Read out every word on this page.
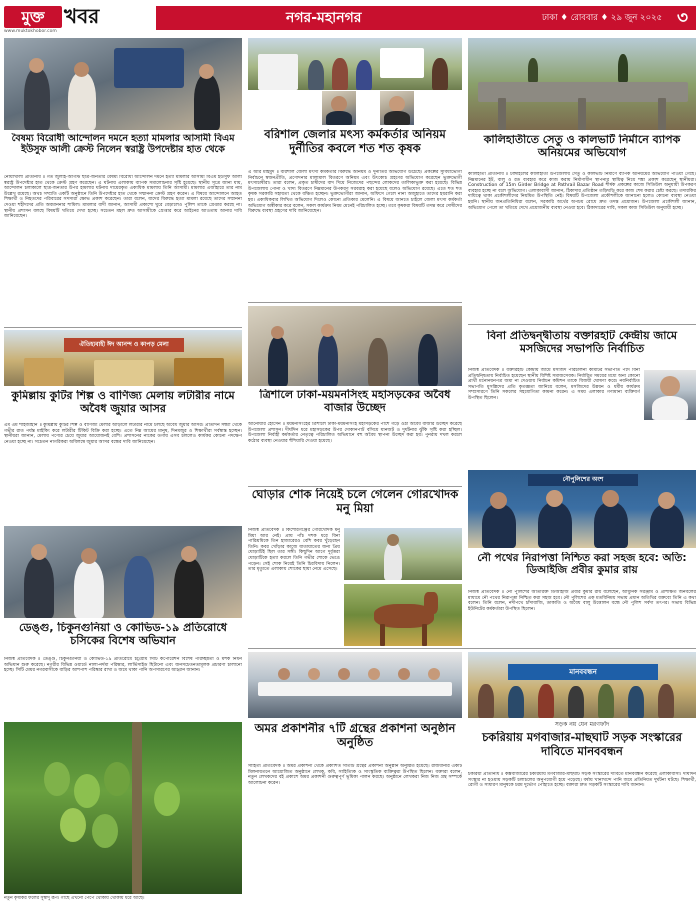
মুক্ত খবর
www.muktokhobor.com
নগর-মহানগর	ঢাকা ♦ রোববার ♦ ২৯ জুন ২০২৫ ৩
বৈষম্য বিরোধী আন্দোলন দমনে হত্যা মামলার আসামী বিএম ইউসুফ আলী ক্রেস্ট নিলেন স্বরাষ্ট্র উপদেষ্টার হাত থেকে
নোয়াখালী প্রতিনিধি ॥ গত জুলাই-আগস্ট ছাত্র-জনতার বৈষম্য বিরোধী আন্দোলন দমনে হত্যা মামলার আসামী বিএম ইউসুফ আলী স্বরাষ্ট্র উপদেষ্টার হাত থেকে ক্রেস্ট গ্রহণ করেছেন। এ ঘটনায় এলাকায় ব্যাপক সমালোচনার সৃষ্টি হয়েছে। স্থানীয় সূত্রে জানা যায়, আন্দোলন চলাকালে ছাত্র-জনতার উপর হামলার ঘটনায় দায়েরকৃত একাধিক মামলায় তিনি আসামী। মামলার এজাহারে তার নাম উল্লেখ রয়েছে। অথচ সম্প্রতি একটি অনুষ্ঠানে তিনি উপদেষ্টার হাত থেকে সম্মাননা ক্রেস্ট গ্রহণ করেন। এ বিষয়ে আন্দোলনে আহত শিক্ষার্থী ও নিহতদের পরিবারের সদস্যরা ক্ষোভ প্রকাশ করেছেন। তারা বলেন, যাদের বিরুদ্ধে হত্যা মামলা রয়েছে তাদের সম্মাননা দেওয়া শহীদদের প্রতি অবমাননার শামিল। মামলার বাদী জানান, আসামী প্রকাশ্যে ঘুরে বেড়ালেও পুলিশ তাকে গ্রেপ্তার করছে না। স্থানীয় প্রশাসন বলছে বিষয়টি খতিয়ে দেখা হচ্ছে। সচেতন মহল দ্রুত আসামীকে গ্রেপ্তার করে আইনের আওতায় আনার দাবি জানিয়েছেন।
বরিশাল জেলার মৎস্য কর্মকর্তার অনিয়ম দুর্নীতির কবলে শত শত কৃষক
এ আর মাহমুদ ॥ বরিশাল জেলা মৎস্য কর্মকর্তার বিরুদ্ধে অনিয়ম ও দুর্নীতির অভিযোগ উঠেছে। প্রকল্পের সুবিধাভোগী নির্বাচনে স্বজনপ্রীতি, প্রণোদনার মালামাল বিতরণে অনিয়ম এবং উৎকোচ গ্রহণের অভিযোগ করেছেন ভুক্তভোগী মৎস্যচাষীরা। তারা বলেন, প্রকৃত চাষীদের বাদ দিয়ে নিজেদের পছন্দের লোকদের তালিকাভুক্ত করা হয়েছে। বিভিন্ন উপজেলায় পোনা ও খাদ্য বিতরণে নিম্নমানের উপকরণ সরবরাহ করা হয়েছে বলেও অভিযোগ রয়েছে। এতে শত শত কৃষক সরকারি সহায়তা থেকে বঞ্চিত হচ্ছেন। ভুক্তভোগীরা জানান, অফিসে গেলে নানা অজুহাতে তাদের হয়রানি করা হয়। একাধিকবার লিখিত অভিযোগ দিলেও কোনো প্রতিকার মেলেনি। এ বিষয়ে জানতে চাইলে জেলা মৎস্য কর্মকর্তা অভিযোগ অস্বীকার করে বলেন, সকল কার্যক্রম নিয়ম মেনেই পরিচালিত হচ্ছে। তবে কৃষকরা বিষয়টি তদন্ত করে দোষীদের বিরুদ্ধে ব্যবস্থা গ্রহণের দাবি জানিয়েছেন।
কালিহাতীতে সেতু ও কালভার্ট নির্মানে ব্যাপক অনিয়মের অভিযোগ
কালিহাতী প্রতিনিধি ॥ টাঙ্গাইলের কালিহাতী উপজেলায় সেতু ও কালভার্ট নির্মাণে ব্যাপক অনিয়মের অভিযোগ পাওয়া গেছে। নিম্নমানের ইট, বালু ও রড ব্যবহার করে কাজ করায় নির্মাণাধীন স্থাপনার স্থায়িত্ব নিয়ে শঙ্কা প্রকাশ করেছেন স্থানীয়রা। Construction of 15m Girder Bridge at Pathrail Bazar Road শীর্ষক প্রকল্পের কাজে সিডিউল অনুযায়ী উপকরণ ব্যবহার হচ্ছে না বলে অভিযোগ। এলাকাবাসী জানান, ঠিকাদার প্রতিষ্ঠান তড়িঘড়ি করে কাজ শেষ করার চেষ্টা করছে। তদারকির দায়িত্বে থাকা প্রকৌশলীদের নিয়মিত উপস্থিতি নেই। বিষয়টি উপজেলা প্রকৌশলীকে জানানো হলেও কোনো ব্যবস্থা নেওয়া হয়নি। স্থানীয় জনপ্রতিনিধিরা বলেন, সরকারি অর্থের অপচয় রোধে দ্রুত তদন্ত প্রয়োজন। উপজেলা প্রকৌশলী জানান, অভিযোগ পেলে তা খতিয়ে দেখে প্রয়োজনীয় ব্যবস্থা নেওয়া হবে। ঠিকাদারের দাবি, সকল কাজ সিডিউল অনুযায়ী হচ্ছে।
ঐতিহ্যবাহী ঈদ আনন্দ ও কাপড় মেলা
কুমিল্লায় কুটির শিল্প ও বাণিজ্য মেলায় লটারীর নামে অবৈধ জুয়ার আসর
এম এম শাহজাহান ॥ কুমিল্লায় কুটির শিল্প ও বাণিজ্য মেলার আড়ালে লটারীর নামে চলছে অবৈধ জুয়ার আসর। প্রতিদিন সন্ধ্যা থেকে গভীর রাত পর্যন্ত মাইকিং করে লটারীর টিকিট বিক্রি করা হচ্ছে। এতে নিম্ন আয়ের মানুষ, দিনমজুর ও শিক্ষার্থীরা সর্বস্বান্ত হচ্ছেন। স্থানীয়রা জানান, মেলায় পণ্যের চেয়ে জুয়ার আয়োজনই বেশি। প্রশাসনের নাকের ডগায় এসব চললেও কার্যকর কোনো পদক্ষেপ নেওয়া হচ্ছে না। সচেতন নাগরিকরা অবিলম্বে জুয়ার আসর বন্ধের দাবি জানিয়েছেন।
ত্রিশালে ঢাকা-ময়মনসিংহ মহাসড়কের অবৈধ বাজার উচ্ছেদ
আনোয়ার হোসেন ॥ ময়মনসিংহের ত্রিশালে ঢাকা-ময়মনসিংহ মহাসড়কের পাশে গড়ে ওঠা অবৈধ বাজার উচ্ছেদ করেছে উপজেলা প্রশাসন। দীর্ঘদিন ধরে মহাসড়কের উপর দোকানপাট বসিয়ে যানজট ও দুর্ঘটনার ঝুঁকি সৃষ্টি করা হচ্ছিল। উপজেলা নির্বাহী কর্মকর্তার নেতৃত্বে পরিচালিত অভিযানে বহু অবৈধ স্থাপনা উচ্ছেদ করা হয়। পুনরায় দখল করলে কঠোর ব্যবস্থা নেওয়ার হুঁশিয়ারি দেওয়া হয়েছে।
বিনা প্রতিদ্বন্দ্বীতায় বক্তারহাট কেন্দ্রীয় জামে মসজিদের সভাপতি নির্বাচিত
নিজস্ব প্রতিবেদক ॥ বক্তারহাট কেন্দ্রীয় জামে মসজিদ পরিচালনা কমিটির সভাপতি পদে বিনা প্রতিদ্বন্দ্বিতায় নির্বাচিত হয়েছেন স্থানীয় বিশিষ্ট সমাজসেবক। নির্ধারিত সময়ের মধ্যে অন্য কোনো প্রার্থী মনোনয়নপত্র জমা না দেওয়ায় নির্বাচন কমিশন তাকে বিজয়ী ঘোষণা করে। নবনির্বাচিত সভাপতি মুসল্লিদের প্রতি কৃতজ্ঞতা জানিয়ে বলেন, মসজিদের উন্নয়ন ও ধর্মীয় কার্যক্রম সম্প্রসারণে তিনি সকলের সহযোগিতা কামনা করেন। এ সময় এলাকার গণ্যমান্য ব্যক্তিবর্গ উপস্থিত ছিলেন।
ঘোড়ার শোক নিয়েই চলে গেলেন গোরখোদক মনু মিয়া
নিজস্ব প্রতিবেদক ॥ কিশোরগঞ্জের গোরখোদক মনু মিয়া আর নেই। প্রায় পাঁচ দশক ধরে বিনা পারিশ্রমিকে তিন হাজারেরও বেশি কবর খুঁড়েছেন তিনি। কবর খোঁড়ার কাজে যাতায়াতের জন্য প্রিয় ঘোড়াটিই ছিল তার সঙ্গী। কিছুদিন আগে দুর্বৃত্তরা ঘোড়াটিকে হত্যা করলে তিনি গভীর শোকে ভেঙে পড়েন। সেই শোক নিয়েই তিনি চিরবিদায় নিলেন। তার মৃত্যুতে এলাকায় শোকের ছায়া নেমে এসেছে।
নৌপুলিশের অংশ
নৌ পথের নিরাপত্তা নিশ্চিত করা সহজ হবে: অতি: ডিআইজি প্রবীর কুমার রায়
নিজস্ব প্রতিবেদক ॥ নৌ পুলিশের অতিরিক্ত ডিআইজি প্রবীর কুমার রায় বলেছেন, আধুনিক সরঞ্জাম ও প্রশিক্ষিত জনবলের মাধ্যমে নৌ পথের নিরাপত্তা নিশ্চিত করা সহজ হবে। নৌ পুলিশের এক মতবিনিময় সভায় প্রধান অতিথির বক্তব্যে তিনি এ কথা বলেন। তিনি বলেন, নদীপথে চাঁদাবাজি, ডাকাতি ও অবৈধ বালু উত্তোলন বন্ধে নৌ পুলিশ সর্বদা তৎপর। সভায় বিভিন্ন ইউনিটের কর্মকর্তারা উপস্থিত ছিলেন।
ডেঙ্গু, চিকুনগুনিয়া ও কোভিড-১৯ প্রতিরোধে চসিকের বিশেষ অভিযান
নিজস্ব প্রতিবেদক ॥ ডেঙ্গু, চিকুনগুনিয়া ও কোভিড-১৯ প্রতিরোধে চট্টগ্রাম সিটি কর্পোরেশন বিশেষ পরিচ্ছন্নতা ও মশক নিধন অভিযান শুরু করেছে। নগরীর বিভিন্ন ওয়ার্ডে নালা-নর্দমা পরিষ্কার, লার্ভিসাইড ছিটানো এবং জনসচেতনতামূলক প্রচারণা চালানো হচ্ছে। সিটি মেয়র নগরবাসীকে বাড়ির আশপাশ পরিষ্কার রাখা ও জমে থাকা পানি অপসারণের আহ্বান জানান।	মানববন্ধন
সড়ক নয় যেন মরণফাঁদ
চকরিয়ায় মগবাজার-মাছঘাট সড়ক সংস্কারের দাবিতে মানববন্ধন
চকরিয়া প্রতিনিধি ॥ কক্সবাজারের চকরিয়ায় মগবাজার-মাছঘাট সড়ক সংস্কারের দাবিতে মানববন্ধন করেছে এলাকাবাসী। দীর্ঘদিন সংস্কার না হওয়ায় সড়কটি চলাচলের অনুপযোগী হয়ে পড়েছে। বর্ষায় খানাখন্দে পানি জমে প্রতিনিয়ত দুর্ঘটনা ঘটছে। শিক্ষার্থী, রোগী ও সাধারণ মানুষকে চরম দুর্ভোগ পোহাতে হচ্ছে। বক্তারা দ্রুত সড়কটি সংস্কারের দাবি জানান।
নতুন কৃষকির ফলের সুস্বাদু রূপ। গাছে এখনো পেঁপে থোকায় থোকায় ধরে আছে।
অমর প্রকাশনীর ৭টি গ্রন্থের প্রকাশনা অনুষ্ঠান অনুষ্ঠিত
সাহিত্য প্রতিবেদক ॥ অমর প্রকাশনী থেকে প্রকাশিত সাতটি গ্রন্থের প্রকাশনা অনুষ্ঠান অনুষ্ঠিত হয়েছে। রাজধানীর একটি মিলনায়তনে আয়োজিত অনুষ্ঠানে লেখক, কবি, সাহিত্যিক ও সাংস্কৃতিক ব্যক্তিত্বরা উপস্থিত ছিলেন। বক্তারা বলেন, নতুন লেখকদের বই প্রকাশে অমর প্রকাশনী গুরুত্বপূর্ণ ভূমিকা পালন করছে। অনুষ্ঠানে লেখকরা নিজ নিজ গ্রন্থ সম্পর্কে আলোচনা করেন।
